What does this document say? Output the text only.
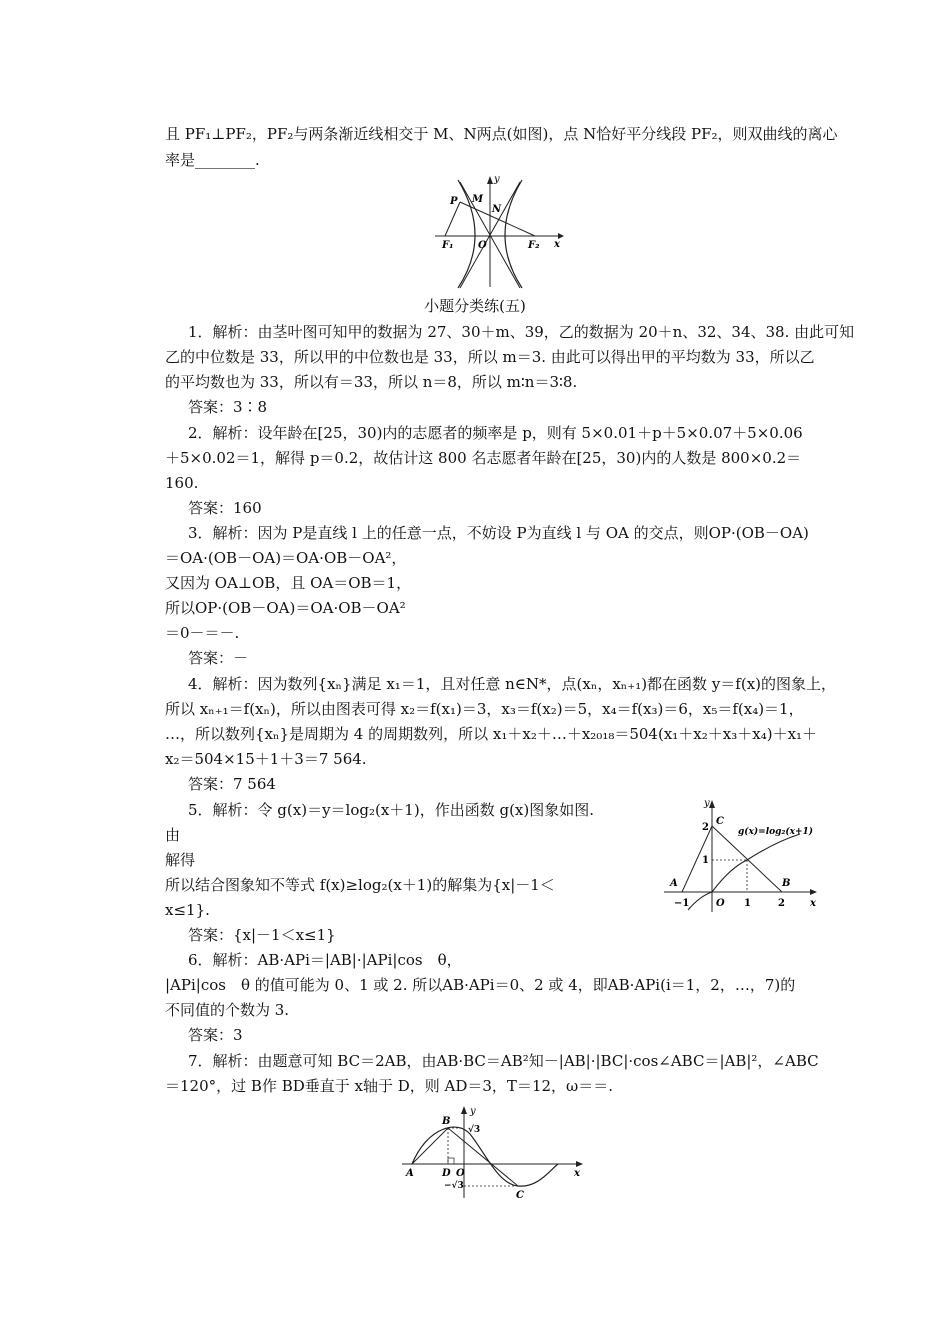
且 PF₁⊥PF₂，PF₂与两条渐近线相交于 M、N两点(如图)，点 N恰好平分线段 PF₂，则双曲线的离心
率是________.
y
x
P M
N
F₁ O	F₂
小题分类练(五)
1．解析：由茎叶图可知甲的数据为 27、30＋m、39，乙的数据为 20＋n、32、34、38. 由此可知
乙的中位数是 33，所以甲的中位数也是 33，所以 m＝3. 由此可以得出甲的平均数为 33，所以乙
的平均数也为 33，所以有＝33，所以 n＝8，所以 m∶n＝3∶8.
答案：3∶8
2．解析：设年龄在[25，30)内的志愿者的频率是 p，则有 5×0.01＋p＋5×0.07＋5×0.06
＋5×0.02＝1，解得 p＝0.2，故估计这 800 名志愿者年龄在[25，30)内的人数是 800×0.2＝
160.
答案：160
3．解析：因为 P是直线 l 上的任意一点，不妨设 P为直线 l 与 OA 的交点，则OP·(OB－OA)
＝OA·(OB－OA)＝OA·OB－OA²，
又因为 OA⊥OB，且 OA＝OB＝1，
所以OP·(OB－OA)＝OA·OB－OA²
＝0－＝－.
答案：－
4．解析：因为数列{xₙ}满足 x₁＝1，且对任意 n∈N*，点(xₙ，xₙ₊₁)都在函数 y＝f(x)的图象上，
所以 xₙ₊₁＝f(xₙ)，所以由图表可得 x₂＝f(x₁)＝3，x₃＝f(x₂)＝5，x₄＝f(x₃)＝6，x₅＝f(x₄)＝1，
…，所以数列{xₙ}是周期为 4 的周期数列，所以 x₁＋x₂＋…＋x₂₀₁₈＝504(x₁＋x₂＋x₃＋x₄)＋x₁＋
x₂＝504×15＋1＋3＝7 564.
答案：7 564
5．解析：令 g(x)＝y＝log₂(x＋1)，作出函数 g(x)图象如图.
由
解得
所以结合图象知不等式 f(x)≥log₂(x＋1)的解集为{x|－1＜
x≤1}.
答案：{x|－1＜x≤1}
y
C
2	g(x)=log₂(x+1)
1
A	B
−1	O 1	2	x
6．解析：AB·APi＝|AB|·|APi|cos　θ，
|APi|cos　θ 的值可能为 0、1 或 2. 所以AB·APi＝0、2 或 4，即AB·APi(i＝1，2，…，7)的
不同值的个数为 3.
答案：3
7．解析：由题意可知 BC＝2AB，由AB·BC＝AB²知－|AB|·|BC|·cos∠ABC＝|AB|²，∠ABC
＝120°，过 B作 BD垂直于 x轴于 D，则 AD＝3，T＝12，ω＝＝.
B
y
√3
A	D O	x
−√3
C
